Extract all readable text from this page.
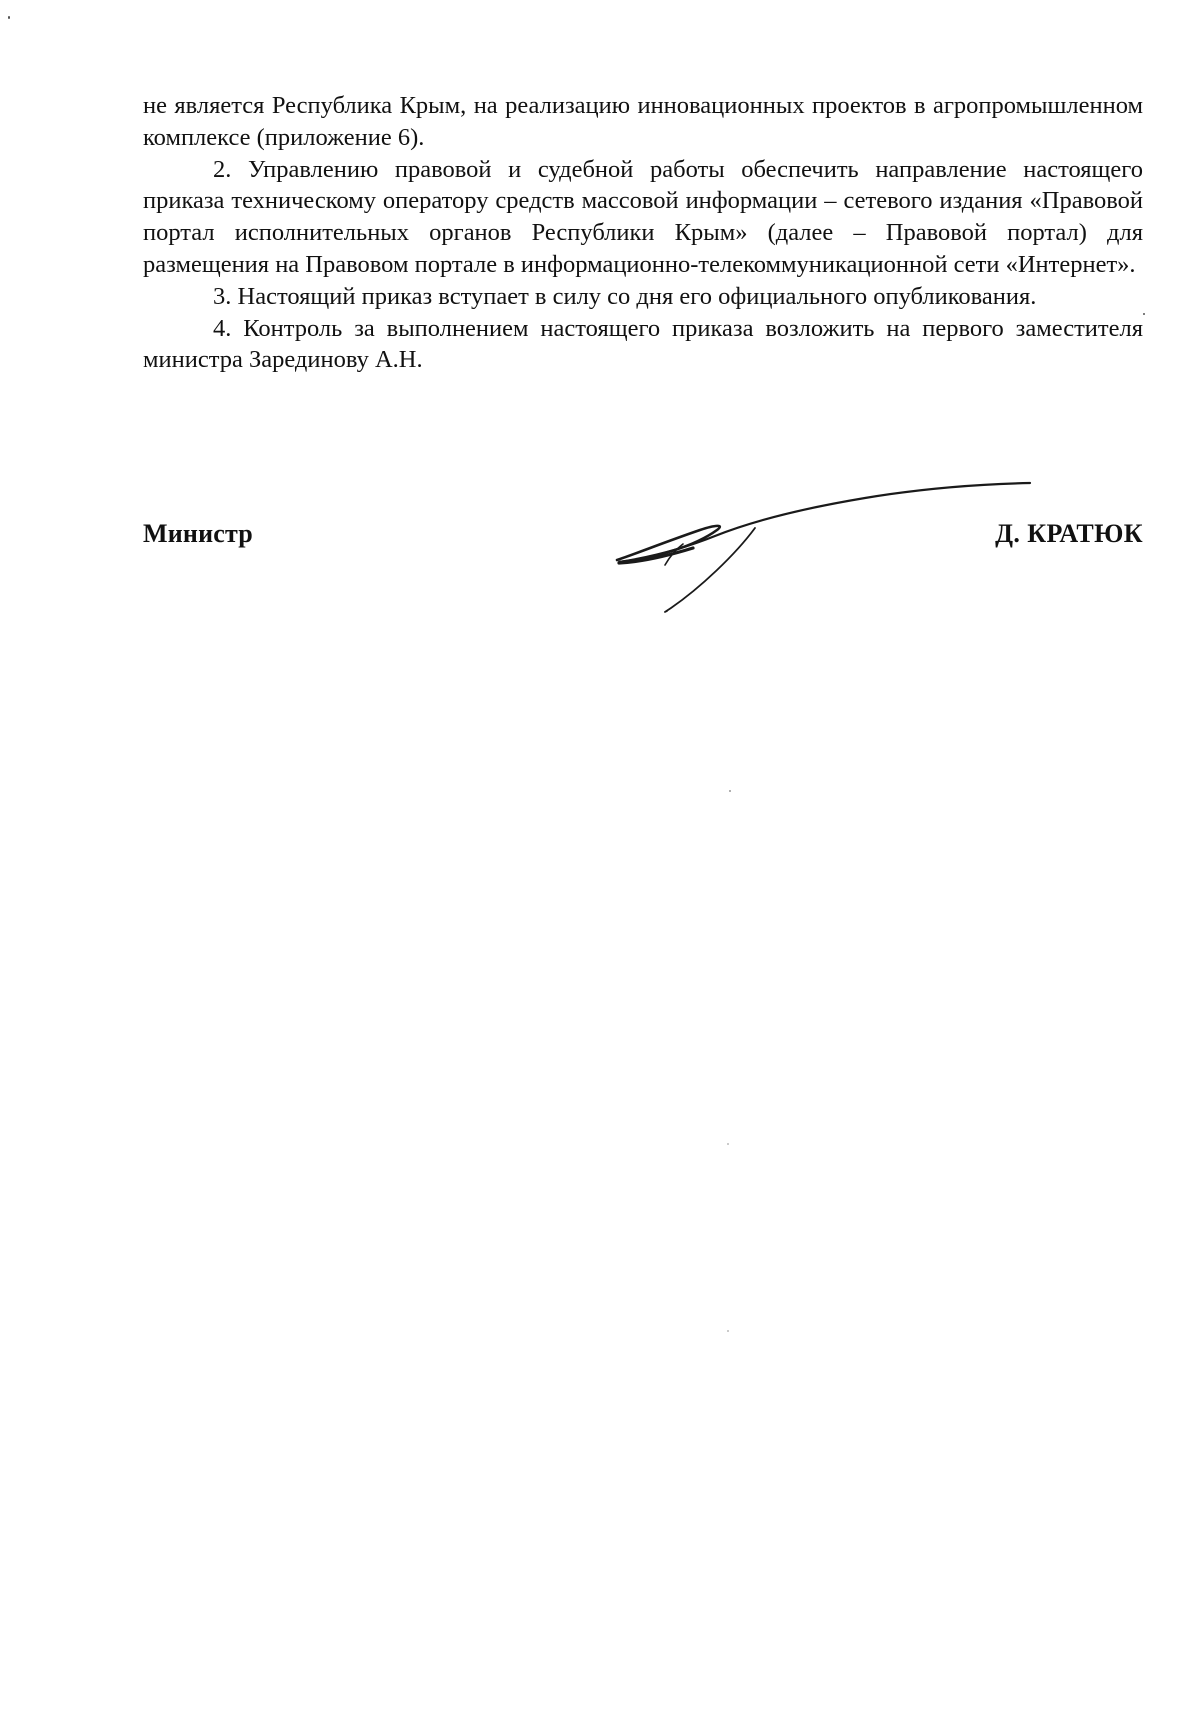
не является Республика Крым, на реализацию инновационных проектов в агропромышленном комплексе (приложение 6).

2. Управлению правовой и судебной работы обеспечить направление настоящего приказа техническому оператору средств массовой информации – сетевого издания «Правовой портал исполнительных органов Республики Крым» (далее – Правовой портал) для размещения на Правовом портале в информационно-телекоммуникационной сети «Интернет».

3. Настоящий приказ вступает в силу со дня его официального опубликования.

4. Контроль за выполнением настоящего приказа возложить на первого заместителя министра Зарединову А.Н.

Министр	Д. КРАТЮК
